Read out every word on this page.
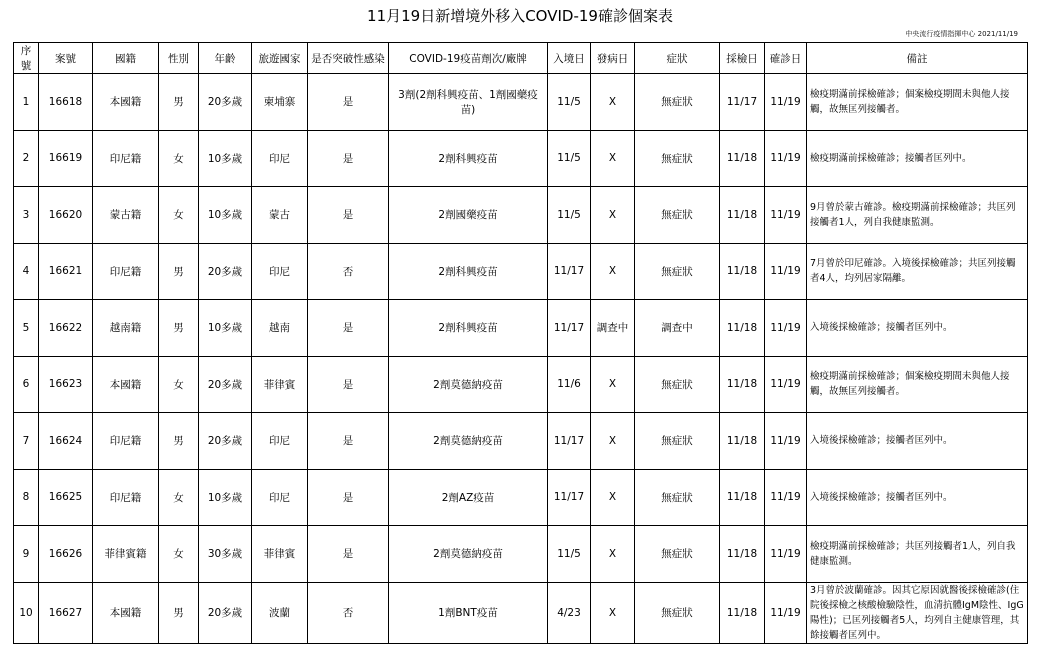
11月19日新增境外移入COVID-19確診個案表
中央流行疫情指揮中心 2021/11/19
序號	案號	國籍	性別	年齡	旅遊國家	是否突破性感染	COVID-19疫苗劑次/廠牌	入境日	發病日	症狀	採檢日	確診日	備註
1	16618	本國籍	男	20多歲	柬埔寨	是	3劑(2劑科興疫苗、1劑國藥疫苗)	11/5	X	無症狀	11/17	11/19	檢疫期滿前採檢確診；個案檢疫期間未與他人接觸，故無匡列接觸者。
2	16619	印尼籍	女	10多歲	印尼	是	2劑科興疫苗	11/5	X	無症狀	11/18	11/19	檢疫期滿前採檢確診；接觸者匡列中。
3	16620	蒙古籍	女	10多歲	蒙古	是	2劑國藥疫苗	11/5	X	無症狀	11/18	11/19	9月曾於蒙古確診。檢疫期滿前採檢確診；共匡列接觸者1人，列自我健康監測。
4	16621	印尼籍	男	20多歲	印尼	否	2劑科興疫苗	11/17	X	無症狀	11/18	11/19	7月曾於印尼確診。入境後採檢確診；共匡列接觸者4人，均列居家隔離。
5	16622	越南籍	男	10多歲	越南	是	2劑科興疫苗	11/17	調查中	調查中	11/18	11/19	入境後採檢確診；接觸者匡列中。
6	16623	本國籍	女	20多歲	菲律賓	是	2劑莫德納疫苗	11/6	X	無症狀	11/18	11/19	檢疫期滿前採檢確診；個案檢疫期間未與他人接觸，故無匡列接觸者。
7	16624	印尼籍	男	20多歲	印尼	是	2劑莫德納疫苗	11/17	X	無症狀	11/18	11/19	入境後採檢確診；接觸者匡列中。
8	16625	印尼籍	女	10多歲	印尼	是	2劑AZ疫苗	11/17	X	無症狀	11/18	11/19	入境後採檢確診；接觸者匡列中。
9	16626	菲律賓籍	女	30多歲	菲律賓	是	2劑莫德納疫苗	11/5	X	無症狀	11/18	11/19	檢疫期滿前採檢確診；共匡列接觸者1人，列自我健康監測。
10	16627	本國籍	男	20多歲	波蘭	否	1劑BNT疫苗	4/23	X	無症狀	11/18	11/19	3月曾於波蘭確診。因其它原因就醫後採檢確診(住院後採檢之核酸檢驗陰性，血清抗體IgM陰性、IgG陽性)；已匡列接觸者5人，均列自主健康管理，其餘接觸者匡列中。
